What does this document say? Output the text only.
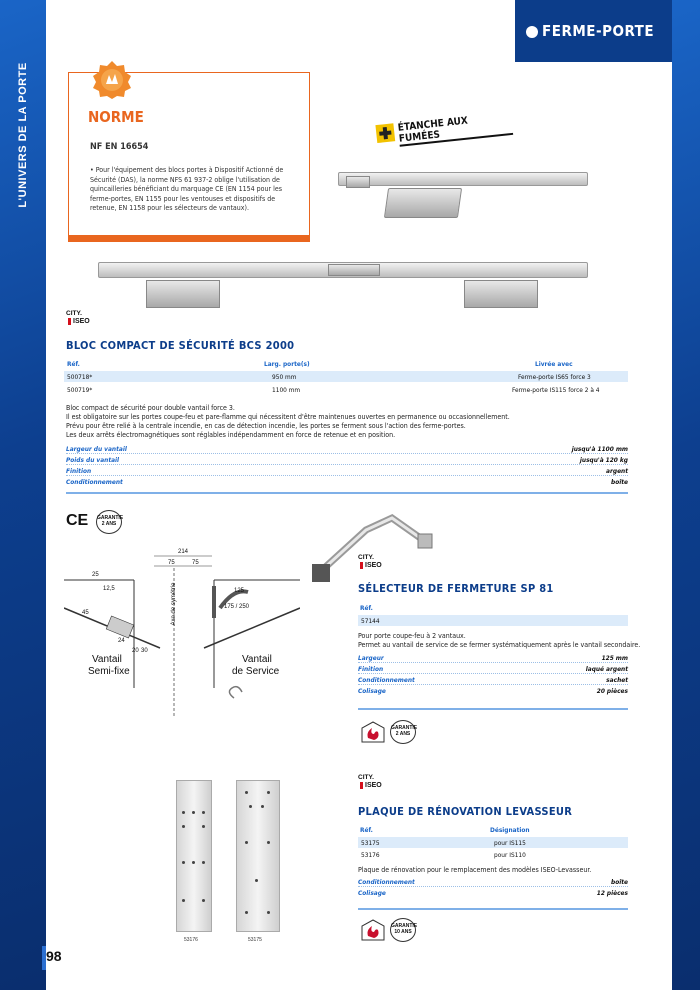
L'UNIVERS DE LA PORTE
98
FERME-PORTE
NORME
NF EN 16654
• Pour l'équipement des blocs portes à Dispositif Actionné de Sécurité (DAS), la norme NFS 61 937-2 oblige l'utilisation de quincailleries bénéficiant du marquage CE (EN 1154 pour les ferme-portes, EN 1155 pour les ventouses et dispositifs de retenue, EN 1158 pour les sélecteurs de vantaux).
ÉTANCHE AUX FUMÉES
CITY.
ISEO
BLOC COMPACT DE SÉCURITÉ BCS 2000
Réf.	Larg. porte(s)	Livrée avec
500718*	950 mm	Ferme-porte IS65 force 3
500719*	1100 mm	Ferme-porte IS115 force 2 à 4
Bloc compact de sécurité pour double vantail force 3.
Il est obligatoire sur les portes coupe-feu et pare-flamme qui nécessitent d'être maintenues ouvertes en permanence ou occasionnellement.
Prévu pour être relié à la centrale incendie, en cas de détection incendie, les portes se ferment sous l'action des ferme-portes.
Les deux arrêts électromagnétiques sont réglables indépendamment en force de retenue et en position.
Largeur du vantail	jusqu'à 1100 mm
Poids du vantail	jusqu'à 120 kg
Finition	argent
Conditionnement	boîte
CE GARANTIE 2 ANS
214
75	75
12,5
25
45
24
20 30
125
175 / 250
Axe de symétrie
Vantail
Semi-fixe
Vantail
de Service
CITY.
ISEO
SÉLECTEUR DE FERMETURE SP 81
Réf.
57144
Pour porte coupe-feu à 2 vantaux.
Permet au vantail de service de se fermer systématiquement après le vantail secondaire.
Largeur	125 mm
Finition	laqué argent
Conditionnement	sachet
Colisage	20 pièces
GARANTIE 2 ANS
53176	53175
CITY.
ISEO
PLAQUE DE RÉNOVATION LEVASSEUR
Réf.	Désignation
53175	pour IS115
53176	pour IS110
Plaque de rénovation pour le remplacement des modèles ISEO-Levasseur.
Conditionnement	boîte
Colisage	12 pièces
GARANTIE 10 ANS
